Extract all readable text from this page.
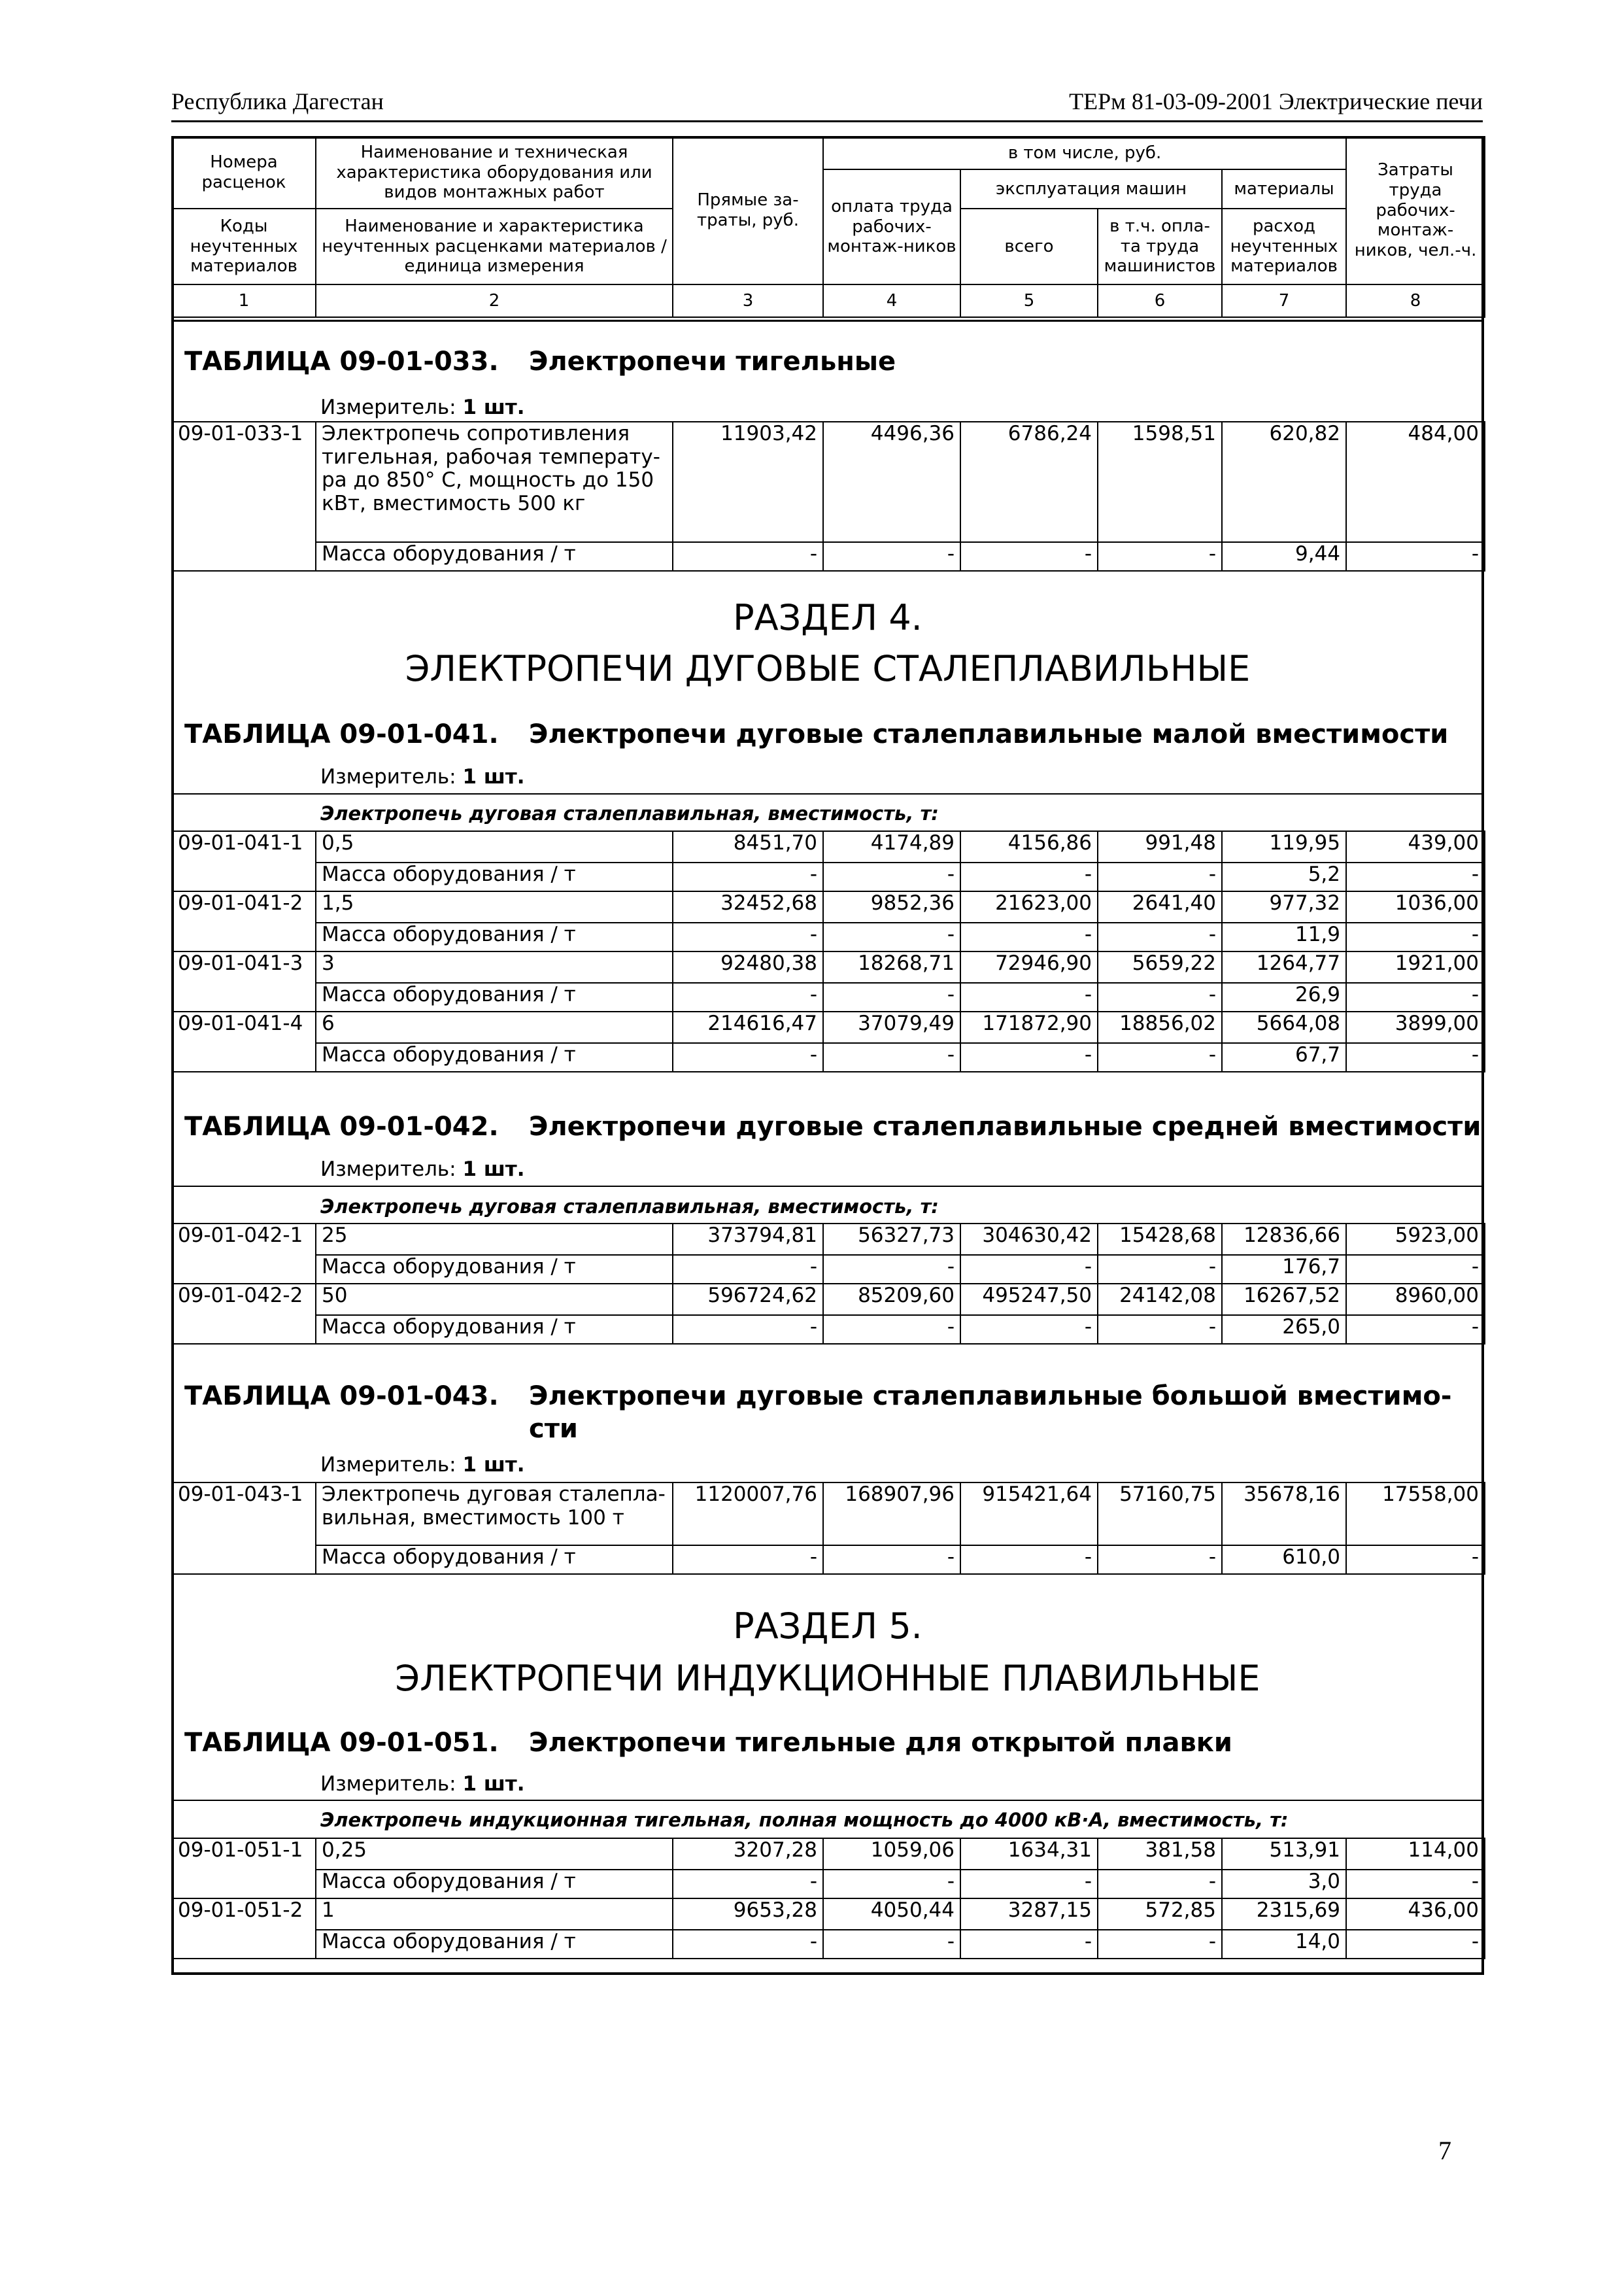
Республика Дагестан	ТЕРм 81-03-09-2001 Электрические печи
Номера расценок	Наименование и техническая характеристика оборудования или видов монтажных работ	Прямые за-траты, руб.	в том числе, руб.				Затраты труда рабочих-монтаж-ников, чел.-ч.
			оплата труда рабочих-монтаж-ников	эксплуатация машин		материалы	
Коды неучтенных материалов	Наименование и характеристика неучтенных расценками материалов / единица измерения			всего	в т.ч. опла-та труда машинистов	расход неучтенных материалов	

1	2	3	4	5	6	7	8
ТАБЛИЦА 09-01-033. Электропечи тигельные
Измеритель: 1 шт.
09-01-033-1	Электропечь сопротивления тигельная, рабочая температу-ра до 850° С, мощность до 150 кВт, вместимость 500 кг	11903,42	4496,36	6786,24	1598,51	620,82	484,00
	Масса оборудования / т	-	-	-	-	9,44	-
РАЗДЕЛ 4.
ЭЛЕКТРОПЕЧИ ДУГОВЫЕ СТАЛЕПЛАВИЛЬНЫЕ
ТАБЛИЦА 09-01-041. Электропечи дуговые сталеплавильные малой вместимости
Измеритель: 1 шт.
Электропечь дуговая сталеплавильная, вместимость, т:
09-01-041-1	0,5	8451,70	4174,89	4156,86	991,48	119,95	439,00
	Масса оборудования / т	-	-	-	-	5,2	-
09-01-041-2	1,5	32452,68	9852,36	21623,00	2641,40	977,32	1036,00
	Масса оборудования / т	-	-	-	-	11,9	-
09-01-041-3	3	92480,38	18268,71	72946,90	5659,22	1264,77	1921,00
	Масса оборудования / т	-	-	-	-	26,9	-
09-01-041-4	6	214616,47	37079,49	171872,90	18856,02	5664,08	3899,00
	Масса оборудования / т	-	-	-	-	67,7	-
ТАБЛИЦА 09-01-042. Электропечи дуговые сталеплавильные средней вместимости
Измеритель: 1 шт.
Электропечь дуговая сталеплавильная, вместимость, т:
09-01-042-1	25	373794,81	56327,73	304630,42	15428,68	12836,66	5923,00
	Масса оборудования / т	-	-	-	-	176,7	-
09-01-042-2	50	596724,62	85209,60	495247,50	24142,08	16267,52	8960,00
	Масса оборудования / т	-	-	-	-	265,0	-
ТАБЛИЦА 09-01-043. Электропечи дуговые сталеплавильные большой вместимо-сти
Измеритель: 1 шт.
09-01-043-1	Электропечь дуговая сталепла-вильная, вместимость 100 т	1120007,76	168907,96	915421,64	57160,75	35678,16	17558,00
	Масса оборудования / т	-	-	-	-	610,0	-
РАЗДЕЛ 5.
ЭЛЕКТРОПЕЧИ ИНДУКЦИОННЫЕ ПЛАВИЛЬНЫЕ
ТАБЛИЦА 09-01-051. Электропечи тигельные для открытой плавки
Измеритель: 1 шт.
Электропечь индукционная тигельная, полная мощность до 4000 кВ·А, вместимость, т:
09-01-051-1	0,25	3207,28	1059,06	1634,31	381,58	513,91	114,00
	Масса оборудования / т	-	-	-	-	3,0	-
09-01-051-2	1	9653,28	4050,44	3287,15	572,85	2315,69	436,00
	Масса оборудования / т	-	-	-	-	14,0	-
7
